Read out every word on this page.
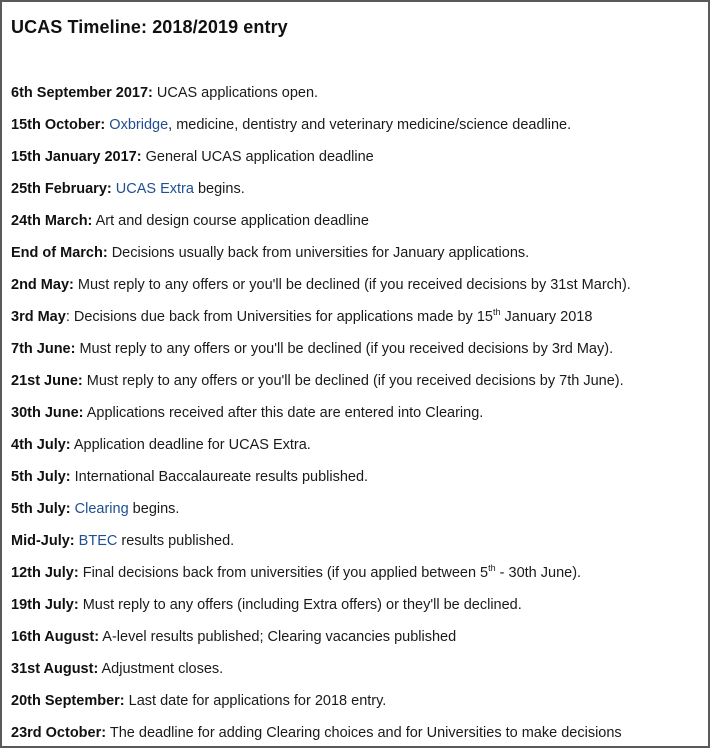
UCAS Timeline: 2018/2019 entry
6th September 2017: UCAS applications open.
15th October: Oxbridge, medicine, dentistry and veterinary medicine/science deadline.
15th January 2017: General UCAS application deadline
25th February: UCAS Extra begins.
24th March: Art and design course application deadline
End of March: Decisions usually back from universities for January applications.
2nd May: Must reply to any offers or you'll be declined (if you received decisions by 31st March).
3rd May: Decisions due back from Universities for applications made by 15th January 2018
7th June: Must reply to any offers or you'll be declined (if you received decisions by 3rd May).
21st June: Must reply to any offers or you'll be declined (if you received decisions by 7th June).
30th June: Applications received after this date are entered into Clearing.
4th July: Application deadline for UCAS Extra.
5th July: International Baccalaureate results published.
5th July: Clearing begins.
Mid-July: BTEC results published.
12th July: Final decisions back from universities (if you applied between 5th - 30th June).
19th July: Must reply to any offers (including Extra offers) or they'll be declined.
16th August: A-level results published; Clearing vacancies published
31st August: Adjustment closes.
20th September: Last date for applications for 2018 entry.
23rd October: The deadline for adding Clearing choices and for Universities to make decisions
